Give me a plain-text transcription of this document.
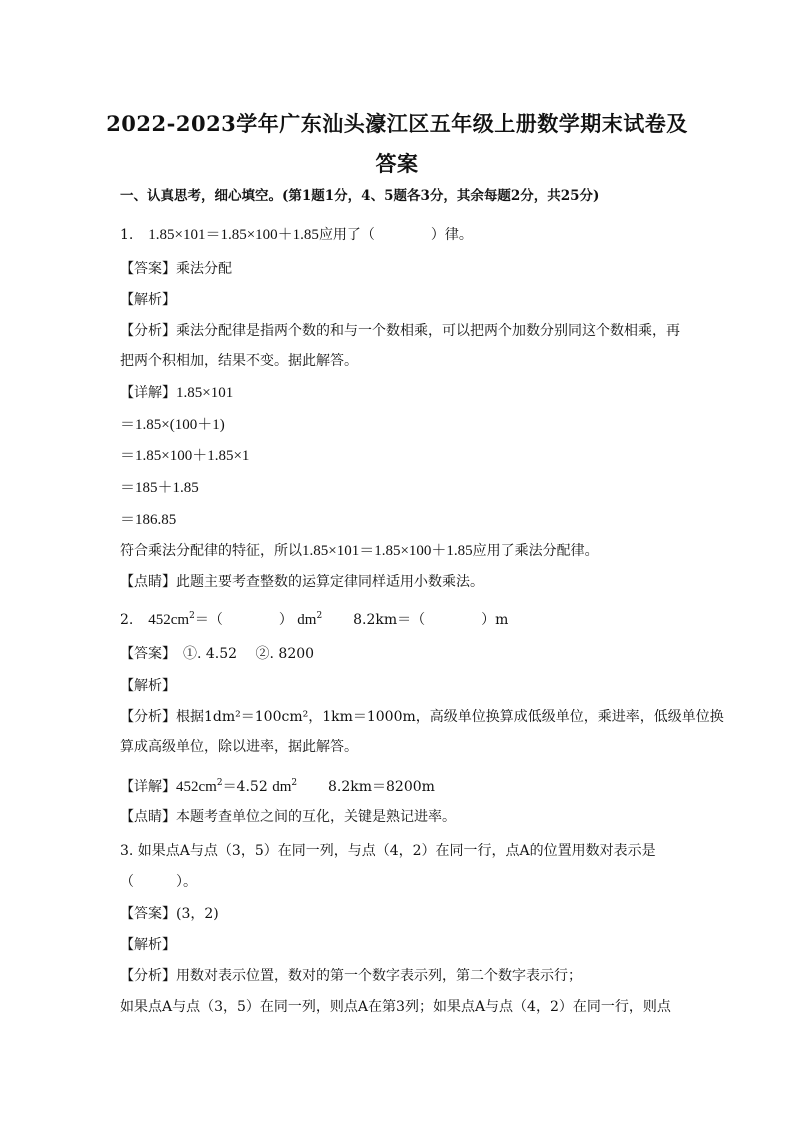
2022-2023学年广东汕头濠江区五年级上册数学期末试卷及
答案
一、认真思考，细心填空。(第1题1分，4、5题各3分，其余每题2分，共25分)
1. 1.85×101＝1.85×100＋1.85应用了（　　　　）律。
【答案】乘法分配
【解析】
【分析】乘法分配律是指两个数的和与一个数相乘，可以把两个加数分别同这个数相乘，再
把两个积相加，结果不变。据此解答。
【详解】1.85×101
＝1.85×(100＋1)
＝1.85×100＋1.85×1
＝185＋1.85
＝186.85
符合乘法分配律的特征，所以1.85×101＝1.85×100＋1.85应用了乘法分配律。
【点睛】此题主要考查整数的运算定律同样适用小数乘法。
2. $452cm^2=$（　　　　） $dm^2$ 8.2km＝（　　　　）m
【答案】　①. 4.52　 ②. 8200
【解析】
【分析】根据1dm²＝100cm²，1km＝1000m，高级单位换算成低级单位，乘进率，低级单位换
算成高级单位，除以进率，据此解答。
【详解】$452cm^2=4.52$ $dm^2$ 8.2km＝8200m
【点睛】本题考查单位之间的互化，关键是熟记进率。
3. 如果点A与点（3，5）在同一列，与点（4，2）在同一行，点A的位置用数对表示是
（　　　）。
【答案】(3，2)
【解析】
【分析】用数对表示位置，数对的第一个数字表示列，第二个数字表示行；
如果点A与点（3，5）在同一列，则点A在第3列；如果点A与点（4，2）在同一行，则点
